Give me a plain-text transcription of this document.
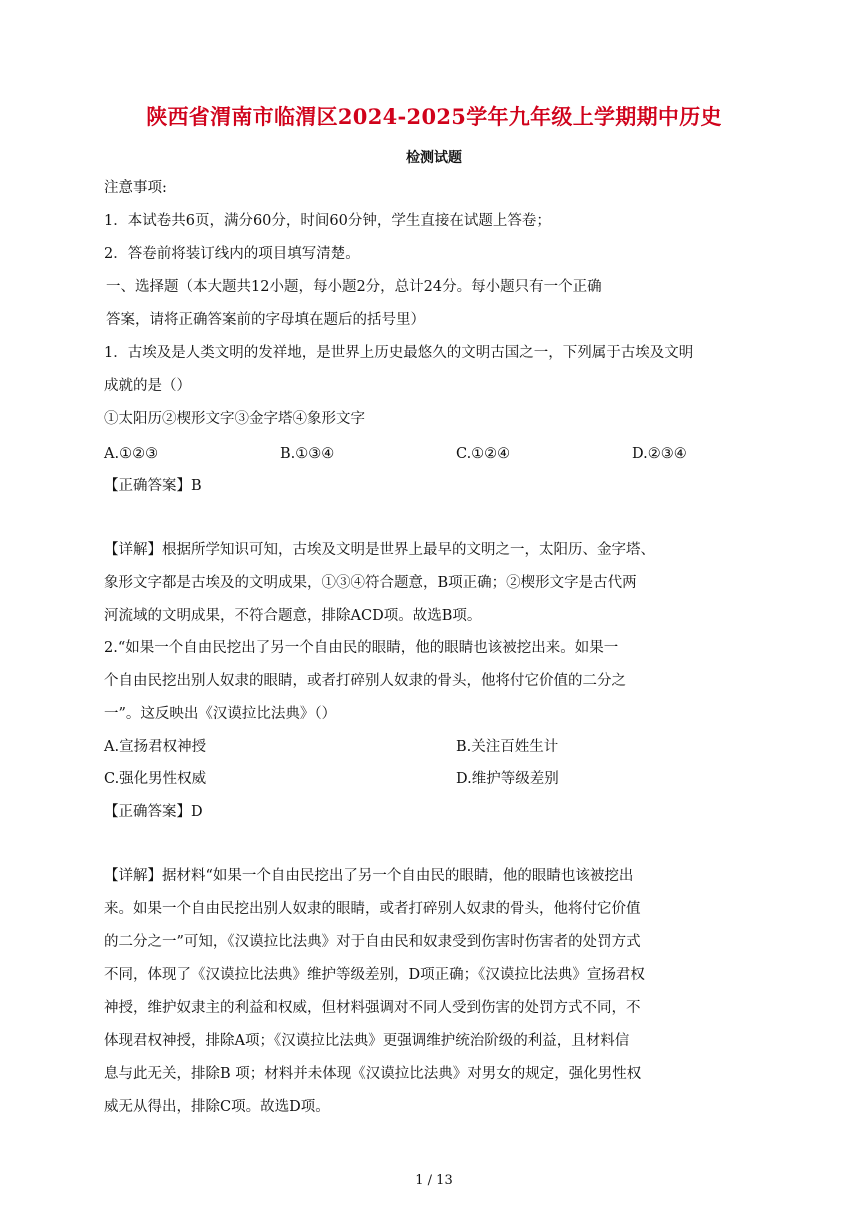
陕西省渭南市临渭区2024-2025学年九年级上学期期中历史
检测试题
注意事项:
1．本试卷共6页，满分60分，时间60分钟，学生直接在试题上答卷；
2．答卷前将装订线内的项目填写清楚。
一、选择题（本大题共12小题，每小题2分，总计24分。每小题只有一个正确
答案，请将正确答案前的字母填在题后的括号里）
1．古埃及是人类文明的发祥地，是世界上历史最悠久的文明古国之一，下列属于古埃及文明
成就的是（）
①太阳历②楔形文字③金字塔④象形文字
A.①②③	B.①③④	C.①②④	D.②③④
【正确答案】B
【详解】根据所学知识可知，古埃及文明是世界上最早的文明之一，太阳历、金字塔、
象形文字都是古埃及的文明成果，①③④符合题意，B项正确；②楔形文字是古代两
河流域的文明成果，不符合题意，排除ACD项。故选B项。
2.“如果一个自由民挖出了另一个自由民的眼睛，他的眼睛也该被挖出来。如果一
个自由民挖出别人奴隶的眼睛，或者打碎别人奴隶的骨头，他将付它价值的二分之
一”。这反映出《汉谟拉比法典》（）
A.宣扬君权神授	B.关注百姓生计
C.强化男性权威	D.维护等级差别
【正确答案】D
【详解】据材料“如果一个自由民挖出了另一个自由民的眼睛，他的眼睛也该被挖出
来。如果一个自由民挖出别人奴隶的眼睛，或者打碎别人奴隶的骨头，他将付它价值
的二分之一”可知，《汉谟拉比法典》对于自由民和奴隶受到伤害时伤害者的处罚方式
不同，体现了《汉谟拉比法典》维护等级差别，D项正确；《汉谟拉比法典》宣扬君权
神授，维护奴隶主的利益和权威，但材料强调对不同人受到伤害的处罚方式不同，不
体现君权神授，排除A项；《汉谟拉比法典》更强调维护统治阶级的利益，且材料信
息与此无关，排除B 项；材料并未体现《汉谟拉比法典》对男女的规定，强化男性权
威无从得出，排除C项。故选D项。
1 / 13
